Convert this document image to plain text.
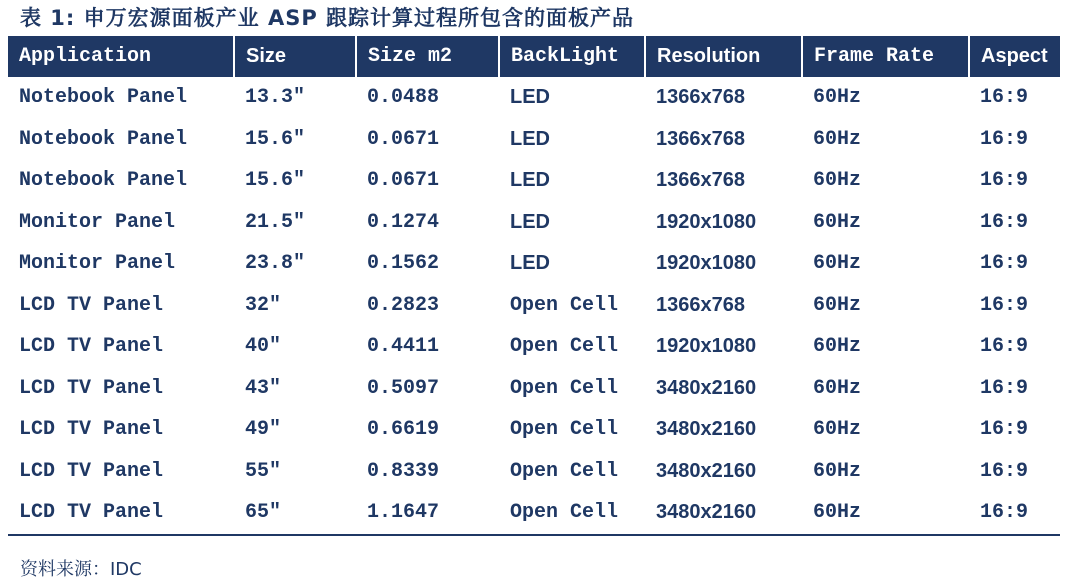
表 1: 申万宏源面板产业 ASP 跟踪计算过程所包含的面板产品
Application	Size	Size m2	BackLight	Resolution	Frame Rate	Aspect
Notebook Panel	13.3"	0.0488	LED	1366x768	60Hz	16:9
Notebook Panel	15.6"	0.0671	LED	1366x768	60Hz	16:9
Notebook Panel	15.6"	0.0671	LED	1366x768	60Hz	16:9
Monitor Panel	21.5"	0.1274	LED	1920x1080	60Hz	16:9
Monitor Panel	23.8"	0.1562	LED	1920x1080	60Hz	16:9
LCD TV Panel	32"	0.2823	Open Cell	1366x768	60Hz	16:9
LCD TV Panel	40"	0.4411	Open Cell	1920x1080	60Hz	16:9
LCD TV Panel	43"	0.5097	Open Cell	3480x2160	60Hz	16:9
LCD TV Panel	49"	0.6619	Open Cell	3480x2160	60Hz	16:9
LCD TV Panel	55"	0.8339	Open Cell	3480x2160	60Hz	16:9
LCD TV Panel	65"	1.1647	Open Cell	3480x2160	60Hz	16:9
资料来源：IDC
